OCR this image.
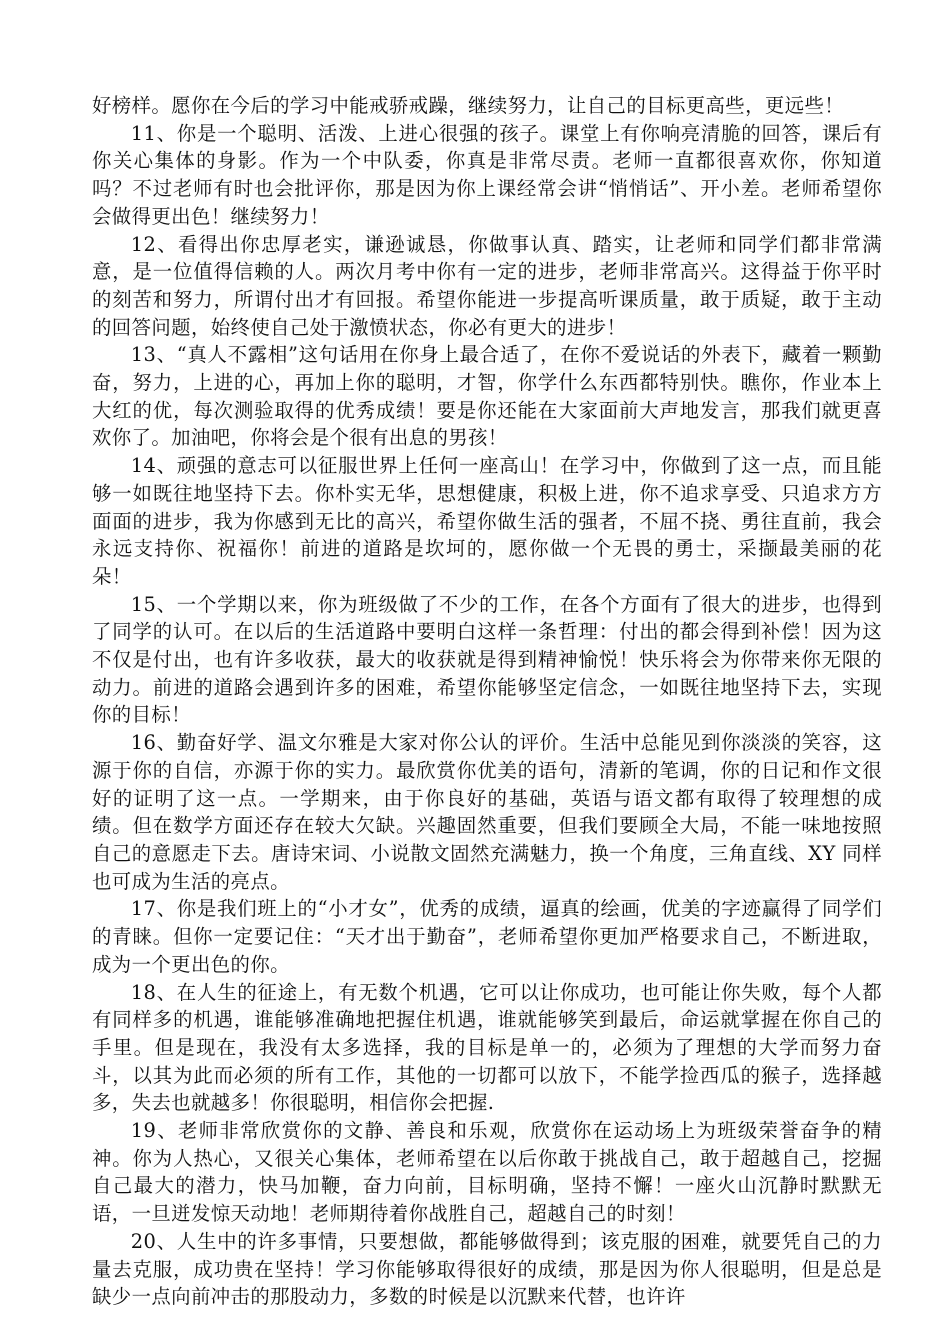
好榜样。愿你在今后的学习中能戒骄戒躁，继续努力，让自己的目标更高些，更远些！

11、你是一个聪明、活泼、上进心很强的孩子。课堂上有你响亮清脆的回答，课后有你关心集体的身影。作为一个中队委，你真是非常尽责。老师一直都很喜欢你，你知道吗？不过老师有时也会批评你，那是因为你上课经常会讲“悄悄话”、开小差。老师希望你会做得更出色！继续努力！

12、看得出你忠厚老实，谦逊诚恳，你做事认真、踏实，让老师和同学们都非常满意，是一位值得信赖的人。两次月考中你有一定的进步，老师非常高兴。这得益于你平时的刻苦和努力，所谓付出才有回报。希望你能进一步提高听课质量，敢于质疑，敢于主动的回答问题，始终使自己处于激愤状态，你必有更大的进步！

13、“真人不露相”这句话用在你身上最合适了，在你不爱说话的外表下，藏着一颗勤奋，努力，上进的心，再加上你的聪明，才智，你学什么东西都特别快。瞧你，作业本上大红的优，每次测验取得的优秀成绩！要是你还能在大家面前大声地发言，那我们就更喜欢你了。加油吧，你将会是个很有出息的男孩！

14、顽强的意志可以征服世界上任何一座高山！在学习中，你做到了这一点，而且能够一如既往地坚持下去。你朴实无华，思想健康，积极上进，你不追求享受、只追求方方面面的进步，我为你感到无比的高兴，希望你做生活的强者，不屈不挠、勇往直前，我会永远支持你、祝福你！前进的道路是坎坷的，愿你做一个无畏的勇士，采撷最美丽的花朵！

15、一个学期以来，你为班级做了不少的工作，在各个方面有了很大的进步，也得到了同学的认可。在以后的生活道路中要明白这样一条哲理：付出的都会得到补偿！因为这不仅是付出，也有许多收获，最大的收获就是得到精神愉悦！快乐将会为你带来你无限的动力。前进的道路会遇到许多的困难，希望你能够坚定信念，一如既往地坚持下去，实现你的目标！

16、勤奋好学、温文尔雅是大家对你公认的评价。生活中总能见到你淡淡的笑容，这源于你的自信，亦源于你的实力。最欣赏你优美的语句，清新的笔调，你的日记和作文很好的证明了这一点。一学期来，由于你良好的基础，英语与语文都有取得了较理想的成绩。但在数学方面还存在较大欠缺。兴趣固然重要，但我们要顾全大局，不能一味地按照自己的意愿走下去。唐诗宋词、小说散文固然充满魅力，换一个角度，三角直线、XY 同样也可成为生活的亮点。

17、你是我们班上的“小才女”，优秀的成绩，逼真的绘画，优美的字迹赢得了同学们的青睐。但你一定要记住：“天才出于勤奋”，老师希望你更加严格要求自己，不断进取，成为一个更出色的你。

18、在人生的征途上，有无数个机遇，它可以让你成功，也可能让你失败，每个人都有同样多的机遇，谁能够准确地把握住机遇，谁就能够笑到最后，命运就掌握在你自己的手里。但是现在，我没有太多选择，我的目标是单一的，必须为了理想的大学而努力奋斗，以其为此而必须的所有工作，其他的一切都可以放下，不能学捡西瓜的猴子，选择越多，失去也就越多！你很聪明，相信你会把握.

19、老师非常欣赏你的文静、善良和乐观，欣赏你在运动场上为班级荣誉奋争的精神。你为人热心，又很关心集体，老师希望在以后你敢于挑战自己，敢于超越自己，挖掘自己最大的潜力，快马加鞭，奋力向前，目标明确，坚持不懈！一座火山沉静时默默无语，一旦迸发惊天动地！老师期待着你战胜自己，超越自己的时刻！

20、人生中的许多事情，只要想做，都能够做得到；该克服的困难，就要凭自己的力量去克服，成功贵在坚持！学习你能够取得很好的成绩，那是因为你人很聪明，但是总是缺少一点向前冲击的那股动力，多数的时候是以沉默来代替，也许许
